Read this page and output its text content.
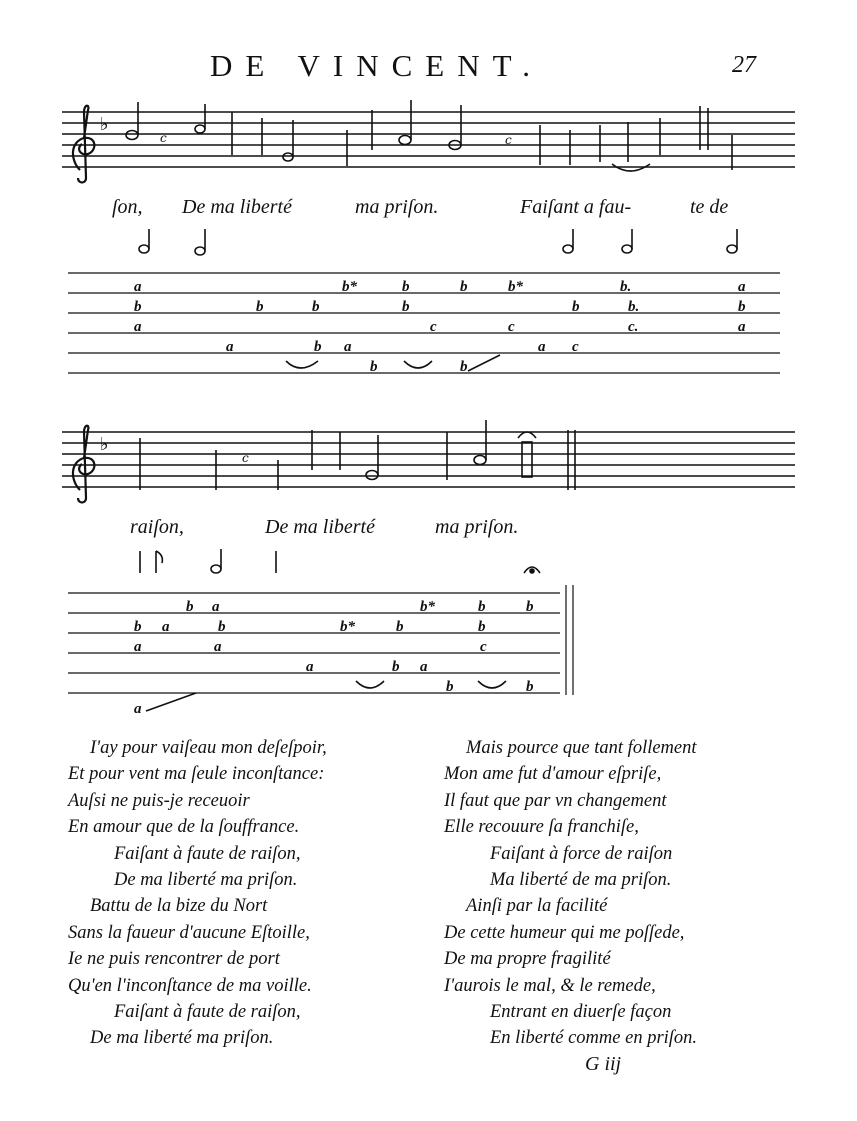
DE VINCENT.	27
♭
c	c
ſon, De ma liberté	ma priſon.	Faiſant a fau-	te de
a	b*	b	b	b*	b.	a
b	b	b	b	b	b.	b
a	c	c	c.	a
a	b a	a c
b	b
♭
c
raiſon,	De ma liberté	ma priſon.
b a	b*	b	b
b a	b	b*	b	b
a	a	c
a	b a
b	b
a
I'ay pour vaiſeau mon deſeſpoir,
Et pour vent ma ſeule inconſtance:
Auſsi ne puis-je receuoir
En amour que de la ſouffrance.
Faiſant à faute de raiſon,
De ma liberté ma priſon.
Battu de la bize du Nort
Sans la faueur d'aucune Eſtoille,
Ie ne puis rencontrer de port
Qu'en l'inconſtance de ma voille.
Faiſant à faute de raiſon,
De ma liberté ma priſon.
Mais pource que tant follement
Mon ame fut d'amour eſpriſe,
Il faut que par vn changement
Elle recouure ſa franchiſe,
Faiſant à force de raiſon
Ma liberté de ma priſon.
Ainſi par la facilité
De cette humeur qui me poſſede,
De ma propre fragilité
I'aurois le mal, & le remede,
Entrant en diuerſe façon
En liberté comme en priſon.
G iij
